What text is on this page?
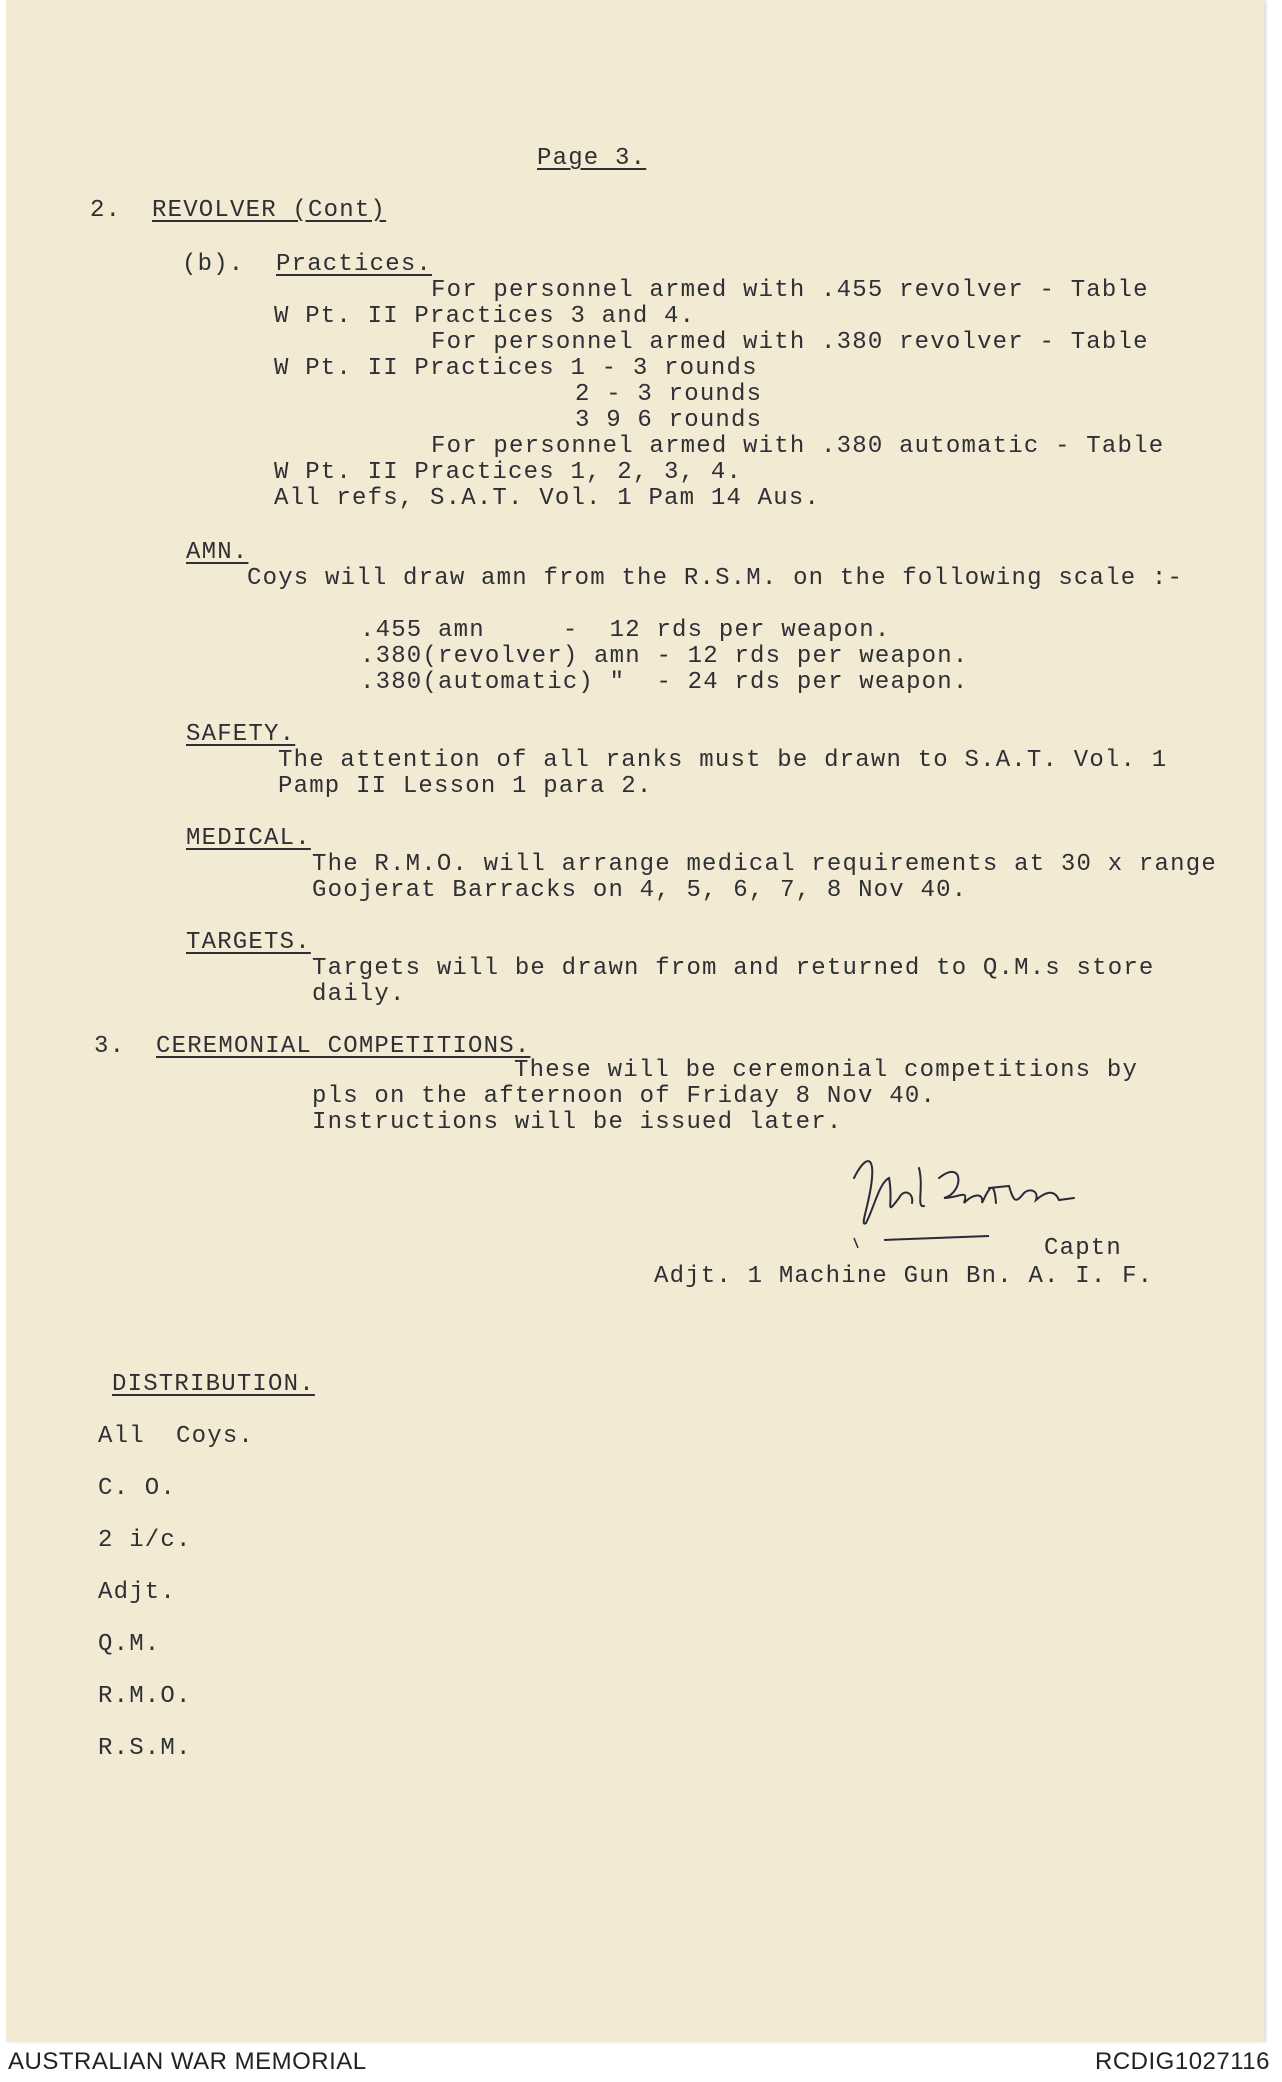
Page 3.
2. REVOLVER (Cont)
(b). Practices.
For personnel armed with .455 revolver - Table
W Pt. II Practices 3 and 4.
For personnel armed with .380 revolver - Table
W Pt. II Practices 1 - 3 rounds
2 - 3 rounds
3 9 6 rounds
For personnel armed with .380 automatic - Table
W Pt. II Practices 1, 2, 3, 4.
All refs, S.A.T. Vol. 1 Pam 14 Aus.
AMN.
Coys will draw amn from the R.S.M. on the following scale :-
.455 amn     -  12 rds per weapon.
.380(revolver) amn - 12 rds per weapon.
.380(automatic) "  - 24 rds per weapon.
SAFETY.
The attention of all ranks must be drawn to S.A.T. Vol. 1
Pamp II Lesson 1 para 2.
MEDICAL.
The R.M.O. will arrange medical requirements at 30 x range
Goojerat Barracks on 4, 5, 6, 7, 8 Nov 40.
TARGETS.
Targets will be drawn from and returned to Q.M.s store
daily.
3. CEREMONIAL COMPETITIONS.
These will be ceremonial competitions by
pls on the afternoon of Friday 8 Nov 40.
Instructions will be issued later.
Captn
Adjt. 1 Machine Gun Bn. A. I. F.
DISTRIBUTION.
All  Coys.
C. O.
2 i/c.
Adjt.
Q.M.
R.M.O.
R.S.M.
AUSTRALIAN WAR MEMORIAL	RCDIG1027116
